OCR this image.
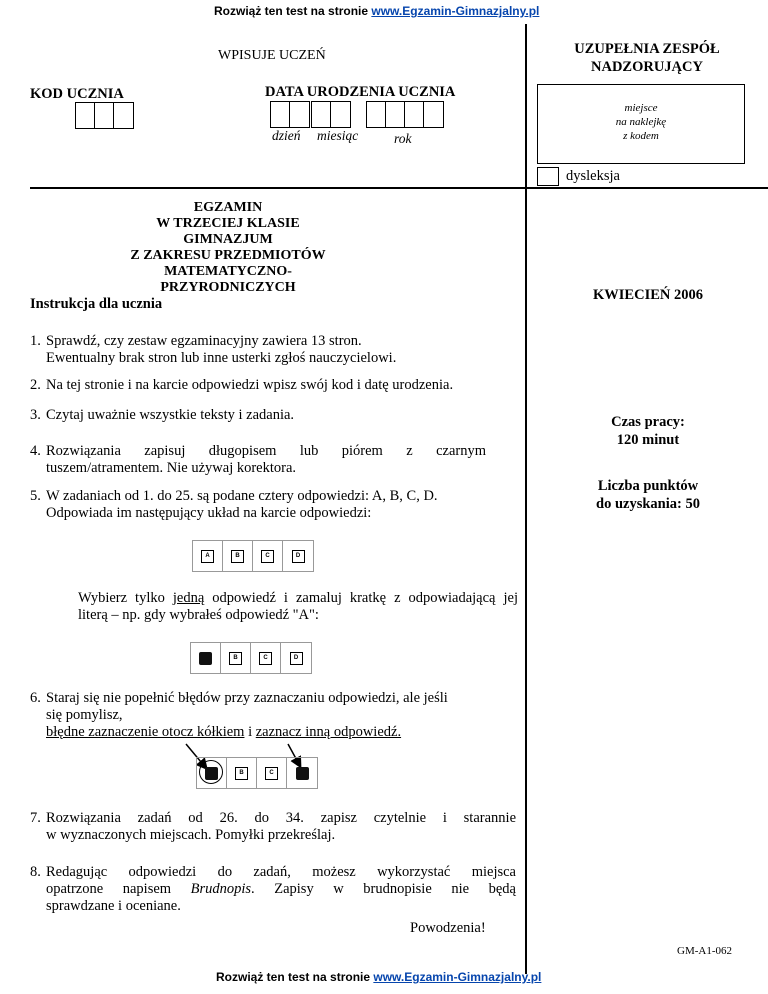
Rozwiąż ten test na stronie www.Egzamin-Gimnazjalny.pl
WPISUJE UCZEŃ
KOD UCZNIA	DATA URODZENIA UCZNIA
dzień miesiąc	rok
UZUPEŁNIA ZESPÓŁ NADZORUJĄCY
miejsce
na naklejkę
z kodem
dysleksja
EGZAMIN
W TRZECIEJ KLASIE GIMNAZJUM
Z ZAKRESU PRZEDMIOTÓW
MATEMATYCZNO-PRZYRODNICZYCH
Instrukcja dla ucznia
KWIECIEŃ 2006
Czas pracy:
120 minut
Liczba punktów
do uzyskania: 50
1. Sprawdź, czy zestaw egzaminacyjny zawiera 13 stron.
Ewentualny brak stron lub inne usterki zgłoś nauczycielowi.
2. Na tej stronie i na karcie odpowiedzi wpisz swój kod i datę urodzenia.
3. Czytaj uważnie wszystkie teksty i zadania.
4. Rozwiązania zapisuj długopisem lub piórem z czarnym
tuszem/atramentem. Nie używaj korektora.
5. W zadaniach od 1. do 25. są podane cztery odpowiedzi: A, B, C, D.
Odpowiada im następujący układ na karcie odpowiedzi:
A	B	C	D
Wybierz tylko jedną odpowiedź i zamaluj kratkę z odpowiadającą jej
literą – np. gdy wybrałeś odpowiedź "A":
B	C	D
6. Staraj się nie popełnić błędów przy zaznaczaniu odpowiedzi, ale jeśli
się pomylisz,
błędne zaznaczenie otocz kółkiem i zaznacz inną odpowiedź.
B	C
7. Rozwiązania zadań od 26. do 34. zapisz czytelnie i starannie
w wyznaczonych miejscach. Pomyłki przekreślaj.
8. Redagując odpowiedzi do zadań, możesz wykorzystać miejsca
opatrzone napisem Brudnopis. Zapisy w brudnopisie nie będą
sprawdzane i oceniane.
Powodzenia!
GM-A1-062
Rozwiąż ten test na stronie www.Egzamin-Gimnazjalny.pl
